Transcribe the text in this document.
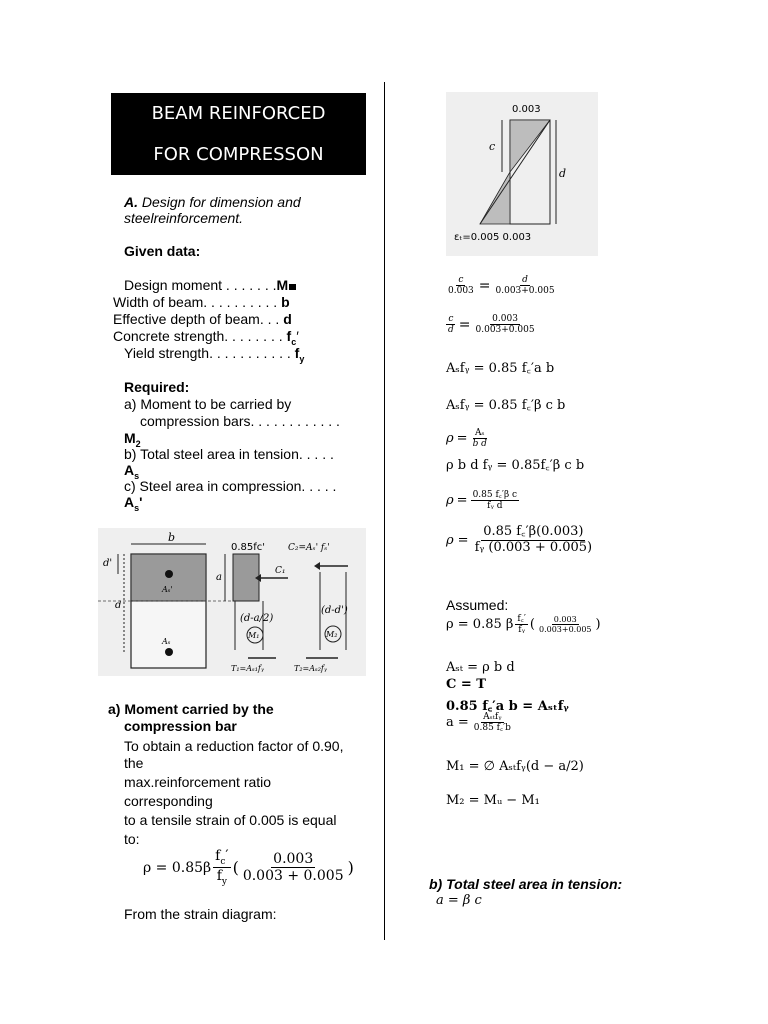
BEAM REINFORCED
FOR COMPRESSON
A. Design for dimension and
steelreinforcement.
Given data:
Design moment . . . . . . .M
Width of beam. . . . . . . . . . b
Effective depth of beam. . . d
Concrete strength. . . . . . . . $f_c'$
Yield strength. . . . . . . . . . . $f_y$
Required:
a) Moment to be carried by
compression bars. . . . . . . . . . . .
$M_2$
b) Total steel area in tension. . . . .
$A_s$
c) Steel area in compression. . . . .
$A_s'$
b
Aₛ'
Aₛ
d'
d
0.85fc'
a
C₁
(d-a/2)
M₁
T₁=Aₛ₁fᵧ
C₂=Aₛ' fₛ'
(d-d')
M₂
T₂=Aₛ₂fᵧ
a) Moment carried by the
compression bar
To obtain a reduction factor of 0.90,
the
max.reinforcement ratio
corresponding
to a tensile strain of 0.005 is equal
to:
$\rho = 0.85\beta \frac{f_c'}{f_y}$ ( $\frac{0.003}{0.003 + 0.005}$ )
From the strain diagram:
0.003
c
d
εₜ=0.005 0.003
$\frac{c}{0.003} = \frac{d}{0.003+0.005}$
$\frac{c}{d} = \frac{0.003}{0.003+0.005}$
Aₛfᵧ = 0.85 f꜀′a b
Aₛfᵧ = 0.85 f꜀′β c b
$\rho = \frac{\text{Aₛ}}{\text{b d}}$
ρ b d fᵧ = 0.85f꜀′β c b
$\rho = \frac{\text{0.85 f꜀′β c}}{\text{fᵧ d}}$
$\rho = \frac{0.85 f꜀'\beta(0.003)}{\text{fᵧ (0.003 + 0.005)}}$
Assumed:
ρ = 0.85 β $\frac{f꜀'}{\text{fᵧ}}$ ( $\frac{0.003}{0.003+0.005}$ )
Aₛₜ = ρ b d
C = T
0.85 f꜀′a b = Aₛₜfᵧ
$a = \frac{\text{Aₛₜfᵧ}}{0.85 f꜀'b}$
M₁ = ∅ Aₛₜfᵧ(d − a/2)
M₂ = Mᵤ − M₁
b) Total steel area in tension:
a = β c
